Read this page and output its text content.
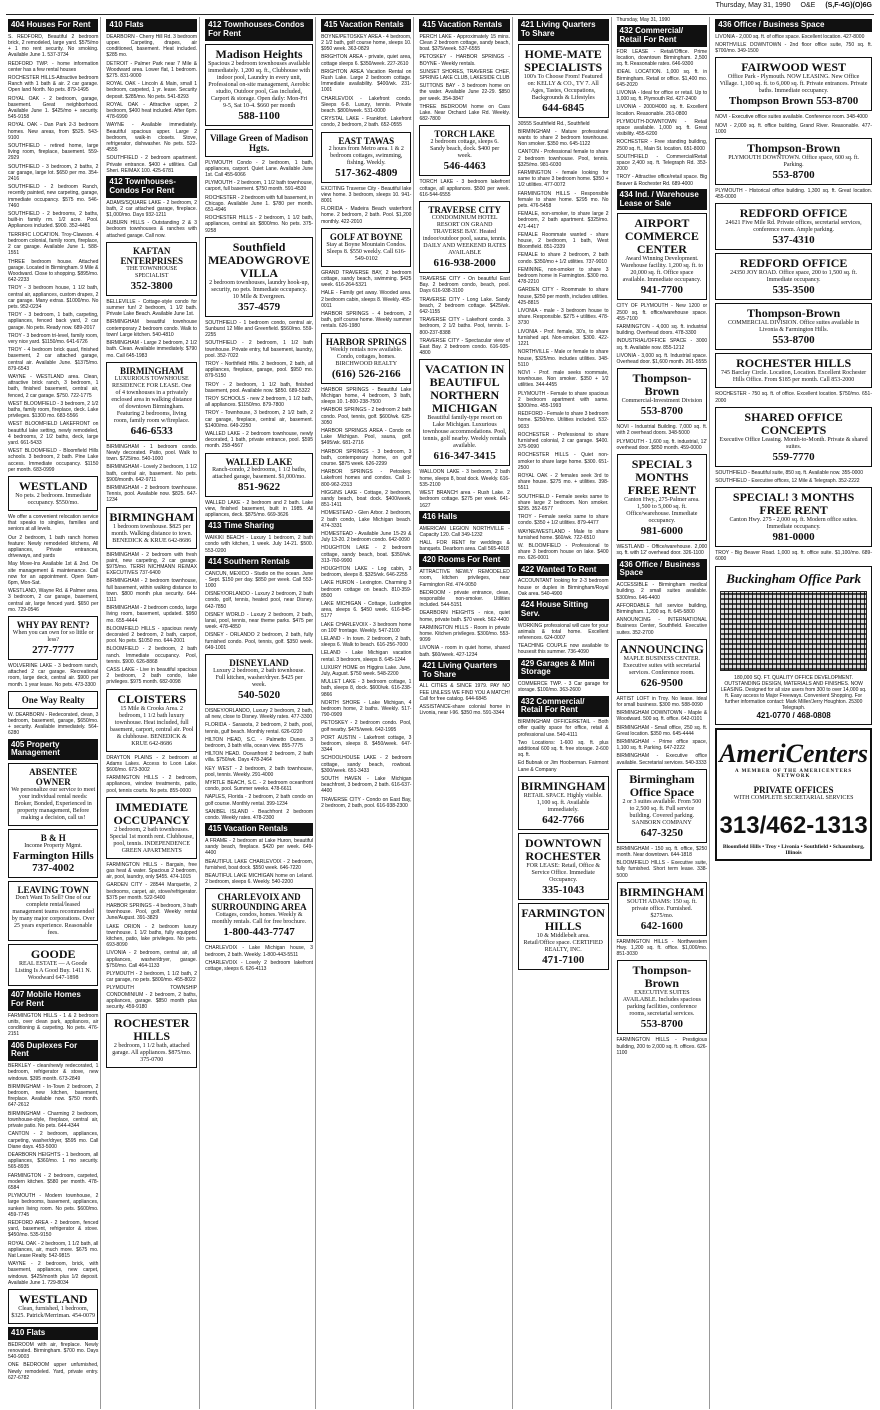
Thursday, May 31, 1990 O&E (S,F-4G)(O)6G
404 Houses For Rent

S. REDFORD, Beautiful 2 bedroom brick, 2 remodeled, large yard. $575/mo + 1 mo rent security. No smoking. Available June 1. 537-3734

REDFORD TWP. - home information center has a few rental houses

ROCHESTER HILLS-Attractive bedroom Ranch with 1 bath & air. 2 car garage. Open land North. No pets. 879-1495

ROYAL OAK - 2 bedroom, garage, basement. Great neighborhood. Available June 1. $425/mo + security. 545-9158

ROYAL OAK - Dan Park 2-3 bedroom homes. New areas, from $525. 543-9100

SOUTHFIELD - retired home, large living room, fireplace, basement. 559-2929

SOUTHFIELD - 3 bedroom, 2 baths, 2 car garage, large lot. $650 per mo. 354-2416

SOUTHFIELD - 2 bedroom Ranch, recently painted, new carpeting, garage, immediate occupancy. $575 mo. 546-7460

SOUTHFIELD - 2 bedrooms, 2 baths, built-in family rm. 1/2 acre. Pool. Appliances included. $900. 352-4481

TERRIFIC LOCATION. Troy-Clawson. 4 bedroom colonial, family room, fireplace, 2 car garage. Available June 1. 588-1551

THREE bedroom house. Attached garage. Located in Birmingham. 9 Mile & Woodward. Close to shopping. $895/mo. 642-2233

TROY - 3 bedroom house, 1 1/2 bath, central air, appliances, custom drapes, 2 car garage. Many extras. $1000/mo. No pets. 952-0234

TROY - 3 bedroom, 1 bath, carpeting, appliances, fenced back yard, 2 car garage. No pets. Ready now. 689-2017

TROY - 3 bedroom tri-level, family room, very nice yard. $1150/mo. 641-6726

TROY - 4 bedroom brick quad, finished basement, 2 car attached garage, central air. Available June. $1375/mo. 879-6543

WAYNE - WESTLAND area. Clean, attractive brick ranch, 3 bedroom, 1 bath, finished basement, central air, fenced, 2 car garage. $750. 722-1775

WEST BLOOMFIELD - 3 bedroom, 2 1/2 baths, family room, fireplace, deck. Lake privileges. $1300 mo. 683-5566

WEST BLOOMFIELD LAKEFRONT on beautiful lake setting, newly remodeled, 4 bedrooms, 2 1/2 baths, deck, large yard. 661-5433

WEST BLOOMFIELD - Bloomfield Hills schools. 3 bedroom, 2 bath. Pine Lake access. Immediate occupancy. $1150 per month. 683-0999

WESTLAND
No pets. 2 bedroom. Immediate occupancy. $550/mo.

We offer a convenient relocation service that speaks to singles, families and seniors at all levels.

Our 2 bedroom, 1 bath ranch homes feature: Newly remodeled kitchens, All appliances, Private entrances, driveways, and yards

May Move-Ins Available 1st & 2nd. On site management & maintenance. Call now for an appointment. Open 9am-6pm, Mon-Sat.

WESTLAND, Wayne Rd. & Palmer area. 3 bedroom, 2 car garage, basement, central air, large fenced yard. $650 per mo. 729-0546

WHY PAY RENT?
When you can own for so little or less?
277-7777

WOLVERINE LAKE - 3 bedroom ranch, attached 2 car garage. Recreational room, large deck, central air. $900 per month. 1 year lease. No pets. 473-3300

One Way Realty

W. DEARBORN - Redecorated, clean, 3 bedroom, basement, garage, $650/mo. + security. Available immediately. 564-6280

405 Property Management
ABSENTEE OWNER
We personalize our service to meet your individual rental needs: Broker, Bonded, Experienced in property management, Before making a decision, call us!
B & H
Income Property Mgmt.
Farmington Hills 737-4002
LEAVING TOWN
Don't Want To Sell? One of our complete rental/leased management teams recommended by many major corporations. Over 25 years experience. Reasonable fees.
GOODE
REAL ESTATE — A Goode Listing Is A Good Buy. 1411 N. Woodward 647-1898
407 Mobile Homes For Rent

FARMINGTON HILLS - 1 & 2 bedroom units, over clean park, appliances, air conditioning & carpeting. No pets. 476-2151

406 Duplexes For Rent

BERKLEY - clean/newly redecorated, 1 bedroom, refrigerator & stove, new windows. $395 month. 673-2849

BIRMINGHAM - In-Town 2 bedroom, 2 bedroom, new kitchen, basement, fireplace. Available now. $750 month. 647-2612

BIRMINGHAM - Charming 2 bedroom, townhouse-style, fireplace, central air, private patio. No pets. 644-4344

CANTON - 2 bedroom, appliances, carpeting, washer/dryer, $595 mo. Call Diane days. 453-5000

DEARBORN HEIGHTS - 1 bedroom, all appliances, $360/mo. 1 mo security. 565-8935

FARMINGTON - 2 bedroom, carpeted, modern kitchen. $580 per month. 478-6584

PLYMOUTH - Modern townhouse, 2 large bedrooms, basement, appliances, sunken living room. No pets. $600/mo. 459-7745

REDFORD AREA - 2 bedroom, fenced yard, basement, refrigerator & stove. $450/mo. 535-9150

ROYAL OAK - 2 bedroom, 1 1/2 bath, all appliances, air, much more. $675 mo. Nat Lease Realty. 542-9815

WAYNE - 2 bedroom, brick, with basement, appliances, new carpet, windows. $425/month plus 1/2 deposit. Available June 1. 729-8034

WESTLAND
Clean, furnished, 1 bedroom, $325. Patrick/Merriman. 454-0079
410 Flats

BEDROOM with air, fireplace. Newly renovated. Birmingham. $700 mo. Days 540-9003

ONE BEDROOM upper unfurnished, Newly remodeled. Yard, private entry. 627-6782

410 Flats

DEARBORN - Cherry Hill Rd. 3 bedroom upper. Carpeting, drapes, air conditioned, basement. Heat included. $285 mo.

DETROIT - Palmer Park near 7 Mile & Woodward area. Lower flat, 1 bedroom. $275. 831-9000

ROYAL OAK - Lincoln & Main, small 1 bedroom, carpeted, 1 yr. lease. Security deposit. $285/mo. No pets. 541-8293

ROYAL OAK - Attractive upper, 2 bedroom, $400 heat included. After 6pm. 478-6990

WAYNE - Available immediately. Beautiful spacious upper. Large 2 bedroom, walk-in closets. Stove, refrigerator, dishwasher. No pets. 522-4555

SOUTHFIELD - 2 bedroom apartment. Private entrance. $400 + utilities. Call Sheri. RE/MAX 100. 425-6781

412 Townhouses-Condos For Rent

ADAMS/SQUARE LAKE - 2 bedroom, 2 bath, 2 car attached garage, fireplace. $1,000/mo. Days 932-1211

AUBURN HILLS - Outstanding 2 & 3 bedroom townhouses & ranches with attached garage. Call now.

KAFTAN ENTERPRISES
THE TOWNHOUSE SPECIALIST
352-3800

BELLEVILLE - Cottage-style condo for summer fun! 2 bedroom, 1 1/2 bath. Private Lake Beach. Available June 1st.

BIRMINGHAM beautiful townhouse contemporary 2 bedroom condo. Walk to town! Large kitchen. 540-4810

BIRMINGHAM - Large 2 bedroom, 2 1/2 bath. Clean. Available immediately. $790 mo. Call 645-1983

BIRMINGHAM
LUXURIOUS TOWNHOUSE RESIDENCE FOR LEASE. One of 4 townhouses in a privately enclosed area in walking distance of downtown Birmingham. Featuring 2 bedrooms, living room, family room w/fireplace.
646-6533

BIRMINGHAM - 1 bedroom condo. Newly decorated. Patio, pool. Walk to town. $725/mo. 540-1000

BIRMINGHAM - Lovely 2 bedroom, 1 1/2 bath, central air, basement. No pets. $900/month. 642-9711

BIRMINGHAM - 2 bedroom townhouse. Tennis, pool. Available now. $825. 647-1234

BIRMINGHAM
1 bedroom townhouse. $825 per month. Walking distance to town. BENEDICK & KRUE 642-8686

BIRMINGHAM - 2 bedroom with fresh paint, new carpeting, 2 car garage. $975/mo. TERRI NICHMANN RE/MAX EXECUTIVES 737-6400

BIRMINGHAM - 2 bedroom townhouse, full basement, within walking distance to town. $800 month plus security. 644-1111

BIRMINGHAM - 2 bedroom condo, large living room, basement, updated. $950 mo. 655-4444

BLOOMFIELD HILLS - spacious newly decorated 2 bedroom, 2 bath, carport, pool. No pets. $1050 mo. 644-2001

BLOOMFIELD - 2 bedroom, 2 bath ranch. Immediate occupancy. Pool, tennis. $900. 626-8868

CASS LAKE - Live in beautiful spacious 2 bedroom, 2 bath condo, lake privileges. $975 month. 682-0098

CLOISTERS
15 Mile & Crooks Area. 2 bedroom, 1 1/2 bath luxury townhouse. Heat included, full basement, carport, central air. Pool & clubhouse. BENEDICK & KRUE 642-8686

DRAYTON PLAINS - 2 bedroom at Adams Lakes. Access to Loon Lake. $600/mo. 673-3002

FARMINGTON HILLS - 2 bedroom, appliances, window treatments, patio, pool, tennis courts. No pets. 855-0000

IMMEDIATE OCCUPANCY
2 bedroom, 2 bath townhouses. Special 1st month rent. Clubhouse, pool, tennis. INDEPENDENCE GREEN APARTMENTS

FARMINGTON HILLS - Bargain, free gas heat & water. Spacious 2 bedroom, air, pool, laundry, only $455. 474-1015

GARDEN CITY - 28544 Marquette, 2 bedrooms, carpet, air, stove/refrigerator. $375 per month. 522-5400

HARBOR SPRINGS - 4 bedroom, 3 bath townhouse. Pool, golf. Weekly rental June/August. 391-3829

LAKE ORION - 2 bedroom luxury townhouse. 1 1/2 baths, fully equipped kitchen, patio, lake privileges. No pets. 693-8090

LIVONIA - 2 bedroom, central air, all appliances, washer/dryer, garage. $750/mo. Call 464-1133

PLYMOUTH - 2 bedroom, 1 1/2 bath, 2 car garage, no pets. $800/mo. 455-8022

PLYMOUTH TOWNSHIP CONDOMINIUM - 2 bedroom, 2 baths, appliances, garage. $850 month plus security. 459-9180

ROCHESTER HILLS
2 bedroom, 1 1/2 bath, attached garage. All appliances. $875/mo. 375-0700
412 Townhouses-Condos For Rent
Madison Heights
Spacious 2 bedroom townhouses available immediately. 1,200 sq. ft., Clubhouse with indoor pool, Laundry in every unit, Professional on-site management, Aerobic studio, Outdoor pool, Gas included, Carport & storage. Open daily: Mon-Fri 9-5, Sat 10-4. $660 per month
588-1100
Village Green of Madison Hgts.

PLYMOUTH Condo - 2 bedroom, 1 bath, appliances, carport. Quiet Lane. Available June 1st. Call 455-6066

PLYMOUTH - 2 bedroom, 1 1/2 bath townhouse, carport, full basement. $750 month. 591-4530

ROCHESTER - 2 bedroom with full basement, in Chicago. Available June 1. $780 per month. 651-4946

ROCHESTER HILLS - 2 bedroom, 1 1/2 bath, appliances, central air. $800/mo. No pets. 375-9258

Southfield MEADOWGROVE VILLA
2 bedroom townhouses, laundry hook-up, security, no pets. Immediate occupancy. 10 Mile & Evergreen.
357-4579

SOUTHFIELD - 1 bedroom condo, central air, Sunburst 12 Mile and Greenfield. $560/mo. 559-2255

SOUTHFIELD - 2 bedroom, 1 1/2 bath townhouse. Private entry, full basement, laundry, pool. 352-7022

TROY - Northfield Hills. 2 bedroom, 2 bath, all appliances, fireplace, garage, pool. $950 mo. 879-5150

TROY - 2 bedroom, 1 1/2 bath, finished basement, pool. Available now. $850. 689-5322

TROY SCHOOLS - new 2 bedroom, 1 1/2 bath, all appliances. $1150/mo. 879-7800

TROY - Townhouse, 3 bedroom, 2 1/2 bath, 2 car garage, fireplace, central air, basement. $1400/mo. 649-2250

WALLED LAKE - 2 bedroom townhouse, newly decorated, 1 bath, private entrance, pool. $595 month. 258-4567

WALLED LAKE
Ranch-condo, 2 bedrooms, 1 1/2 baths, attached garage, basement. $1,000/mo.
851-9622

WALLED LAKE - 2 bedroom and 2 bath. Lake view, finished basement, built in 1985. All appliances, deck. $875/mo. 669-3626

413 Time Sharing

WAIKIKI BEACH - Luxury 1 bedroom, 2 bath condo with kitchen, 1 week. July 14-21. $500. 553-0200

414 Southern Rentals

CANCUN, MEXICO - Studio on the ocean. June - Sept. $150 per day. $850 per week. Call 553-1000

DISNEY/ORLANDO - Luxury 2 bedroom, 2 bath condo, golf, tennis, heated pool, near Disney. 642-7850

DISNEY WORLD - Luxury 2 bedroom, 2 bath, lanai, pool, tennis, near theme parks. $475 per week. 478-4850

DISNEY - ORLANDO 2 bedroom, 2 bath, fully furnished condo. Pool, tennis, golf. $350 week. 649-1001

DISNEYLAND
Luxury 2 bedroom, 2 bath townhouse. Full kitchen, washer/dryer. $425 per week.
540-5020

DISNEY/ORLANDO, Luxury 2 bedroom, 2 bath, all new, close to Disney. Weekly rates. 477-3300

FLORIDA - Sarasota, 2 bedroom, 2 bath, pool, tennis, gulf beach. Monthly rental. 626-0220

HILTON HEAD, S.C. - Palmetto Dunes. 3 bedroom, 3 bath villa, ocean view. 855-7775

HILTON HEAD. Oceanfront 2 bedroom, 2 bath villa. $750/wk. Days 478-2464

KEY WEST - 2 bedroom, 2 bath townhouse, pool, tennis. Weekly. 291-4000

MYRTLE BEACH, S.C. - 2 bedroom oceanfront condo, pool. Summer weeks. 478-6611

NAPLES, Florida - 2 bedroom, 2 bath condo on golf course. Monthly rental. 399-1234

SANIBEL ISLAND - Beachfront 2 bedroom condo. Weekly rates. 478-2300

415 Vacation Rentals

A FRAME - 2 bedroom at Lake Huron, beautiful sandy beach, fireplace. $420 per week. 649-4400

BEAUTIFUL LAKE CHARLEVOIX - 2 bedroom, furnished, boat dock. $550 week. 646-7220

BEAUTIFUL LAKE MICHIGAN home on Leland. 2 bedroom, sleeps 6. Weekly. 540-2200

CHARLEVOIX AND SURROUNDING AREA
Cottages, condos, homes. Weekly & monthly rentals. Call for free brochure.
1-800-443-7747

CHARLEVOIX - Lake Michigan house, 3 bedroom, 2 bath. Weekly. 1-800-443-5511

CHARLEVOIX - Lovely 2 bedroom lakefront cottage, sleeps 6. 626-4113

415 Vacation Rentals

BOYNE/PETOSKEY AREA - 4 bedroom, 2 1/2 bath, golf course home, sleeps 10. $950 week. 363-0829

BRIGHTON AREA - private, quiet area, cottage sleeps 6. $350/week. 227-2610

BRIGHTON AREA Vacation Rental on Rush Lake. Large 2 bedroom cottage. Immediate availability. $400/wk. 231-1001

CHARLEVOIX - Lakefront condo. Sleeps 6-8. Luxury, tennis. Private beach. $800/week. 531-0000

CRYSTAL LAKE - Frankfort. Lakefront condo, 2 bedroom, 2 bath. 652-0555

EAST TAWAS
2 hours from Metro area. 1 & 2 bedroom cottages, swimming, fishing. Weekly.
517-362-4809

EXCITING Traverse City - Beautiful lake view home. 3 bedroom, sleeps 10. 941-8001

FLORIDA - Madeira Beach waterfront home. 2 bedroom, 2 bath. Pool. $1,200 monthly. 422-2010

GOLF AT BOYNE
Stay at Boyne Mountain Condos. Sleeps 8. $550 weekly. Call 616-549-0102

GRAND TRAVERSE BAY, 2 bedroom cottage, sandy beach, swimming. $425 week. 616-264-5321

HALE - Family get away. Wooded area. 2 bedroom cabin, sleeps 8. Weekly. 455-0011

HARBOR SPRINGS - 4 bedroom, 2 bath, golf course home. Weekly summer rentals. 626-1980

HARBOR SPRINGS
Weekly rentals now available. Condo, cottages, homes. BIRCHWOOD REALTY
(616) 526-2166

HARBOR SPRINGS - Beautiful Lake Michigan home, 4 bedroom, 3 bath, sleeps 10. 1-800-238-7500

HARBOR SPRINGS - 2 bedroom 2 bath condo. Pool, tennis, golf. $600/wk. 625-3050

HARBOR SPRINGS AREA - Condo on Lake Michigan. Pool, sauna, golf. $495/wk. 681-2716

HARBOR SPRINGS - 3 bedroom, 3 bath, contemporary home, on golf course. $875 week. 626-2299

HARBOR SPRINGS - Petoskey. Lakefront homes and condos. Call 1-800-962-2313

HIGGINS LAKE - Cottage, 2 bedroom, sandy beach, boat dock. $400/week. 851-1411

HOMESTEAD - Glen Arbor. 2 bedroom, 2 bath condo, Lake Michigan beach. 474-3331

HOMESTEAD - Available June 15-29 & July 13-20. 2 bedroom condo. 642-0090

HOUGHTON LAKE - 2 bedroom cottage, sandy beach, boat. $350/wk. 313-760-9900

HOUGHTON LAKE - Log cabin, 3 bedroom, sleeps 8. $325/wk. 646-2255

LAKE HURON - Lexington. Charming 3 bedroom cottage on beach. 810-359-8500

LAKE MICHIGAN - Cottage, Ludington area, sleeps 6. $450 week. 616-845-5177

LAKE CHARLEVOIX - 3 bedroom home on 100' frontage. Weekly. 547-2100

LELAND - In town. 2 bedroom, 2 bath, sleeps 6. Walk to beach. 616-256-7000

LELAND - Lake Michigan vacation rental. 3 bedroom, sleeps 8. 645-1244

LUXURY HOME on Higgins Lake. June, July, August. $750 week. 548-2200

MULLET LAKE - 3 bedroom cottage, 1 bath, sleeps 8, dock. $600/wk. 616-238-9866

NORTH SHORE - Lake Michigan, 4 bedroom home, 2 baths. Weekly. 517-790-0909

PETOSKEY - 2 bedroom condo. Pool, golf nearby. $475/week. 642-1995

PORT AUSTIN - Lakefront cottage, 3 bedroom, sleeps 8. $450/week. 647-3344

SCHOOLHOUSE LAKE - 2 bedroom cottage, sandy beach, rowboat. $300/week. 651-3433

SOUTH HAVEN - Lake Michigan beachfront, 3 bedroom, 2 bath. 616-637-4400

TRAVERSE CITY - Condo on East Bay, 2 bedroom, 2 bath, pool. 616-938-2300

415 Vacation Rentals

PERCH LAKE - Approximately 15 mins. Clean 2 bedroom cottage, sandy beach, boat. $375/week. 537-6555

PETOSKEY - HARBOR SPRINGS - BOYNE - Weekly rentals.

SUNSET SHORES, TRAVERSE CHEF, SPRING LAKE CLUB, LAKESIDE CLUB

SUTTONS BAY - 3 bedroom home on the water. Available June 22-29. $850 per week. 354-3847

THREE BEDROOM home on Cass Lake. Near Orchard Lake Rd. Weekly. 682-7800

TORCH LAKE
2 bedroom cottage, sleeps 6. Sandy beach, dock. $400 per week.
546-4463

TORCH LAKE - 3 bedroom lakefront cottage, all appliances. $500 per week. 616-544-6555

TRAVERSE CITY
CONDOMINIUM HOTEL RESORT ON GRAND TRAVERSE BAY. Heated indoor/outdoor pool, sauna, tennis. DAILY AND WEEKEND RATES AVAILABLE
616-938-2000

TRAVERSE CITY - On beautiful East Bay. 2 bedroom condo, beach, pool. Days 616-938-3100

TRAVERSE CITY - Long Lake. Sandy beach, 2 bedroom cottage. $425/wk. 642-1155

TRAVERSE CITY - Lakefront condo. 3 bedroom, 2 1/2 baths. Pool, tennis. 1-800-237-8388

TRAVERSE CITY - Spectacular view of East Bay. 2 bedroom condo. 616-935-4800

VACATION IN BEAUTIFUL NORTHERN MICHIGAN
Beautiful family-type resort on Lake Michigan. Luxurious townhouse accommodations. Pool, tennis, golf nearby. Weekly rentals available.
616-347-3415

WALLOON LAKE - 3 bedroom, 2 bath home, sleeps 8, boat dock. Weekly. 616-535-2100

WEST BRANCH area - Rush Lake. 2 bedroom cottage. $275 per week. 641-1627

416 Halls

AMERICAN LEGION NORTHVILLE - Capacity 120. Call 349-1232

HALL FOR RENT for weddings & banquets. Dearborn area. Call 565-4018

420 Rooms For Rent

ATTRACTIVE NEWLY REMODELED room, kitchen privileges, near Farmington Rd. 474-9050

BEDROOM - private entrance, clean, responsible non-smoker. Utilities included. 544-5151

DEARBORN HEIGHTS - nice, quiet home, private bath. $70 week. 562-4400

FARMINGTON HILLS - Room in private home. Kitchen privileges. $300/mo. 553-9099

LIVONIA - room in quiet home, shared bath. $60/week. 427-1234

421 Living Quarters To Share

ALL CITIES & SINCE 1979. PAY NO FEE UNLESS WE FIND YOU A MATCH! Call for free catalog. 644-6845

ASSISTANCE-share colonial home in Livonia, near I-96. $350 mo. 591-3344

421 Living Quarters To Share
HOME-MATE SPECIALISTS
100's To Choose From! Featured on: KELLY & CO., TV 7. All Ages, Tastes, Occupations, Backgrounds & Lifestyles
644-6845

30555 Southfield Rd., Southfield

BIRMINGHAM - Mature professional wants to share 2 bedroom townhouse. Non smoker. $350 mo. 645-1122

CANTON - Professional female to share 2 bedroom townhouse. Pool, tennis. $325/mo. 981-6030

FARMINGTON - female looking for same to share 3 bedroom home. $350 + 1/2 utilities. 477-0072

FARMINGTON HILLS - Responsible female to share home. $295 mo. No pets. 476-5458

FEMALE, non-smoker, to share large 2 bedroom, 2 bath apartment. $325/mo. 471-4417

FEMALE Roommate wanted - share house, 2 bedroom, 1 bath, West Bloomfield. 851-2339

FEMALE to share 2 bedroom, 2 bath condo. $350/mo + 1/2 utilities. 737-9010

FEMININE, non-smoker to share 3 bedroom home in Farmington. $300 mo. 478-2210

GARDEN CITY - Roommate to share house, $250 per month, includes utilities. 425-8815

LIVONIA - male - 3 bedroom house to share. Responsible. $275 + utilities. 478-3730

LIVONIA - Prof. female, 30's, to share furnished apt. Non-smoker. $300. 422-1221

NORTHVILLE - Male or female to share house, $325/mo. includes utilities. 348-5110

NOVI - Prof. male seeks roommate, townhouse. Non smoker. $350 + 1/2 utilities. 344-4455

PLYMOUTH - Female to share spacious 2 bedroom apartment with same. $300/mo. 455-1993

REDFORD - Female to share 3 bedroom home. $250/mo. Utilities included. 532-9033

ROCHESTER - Professional to share furnished colonial, 2 car garage. $400. 375-9090

ROCHESTER HILLS - Quiet non-smoker to share large home. $300. 651-2500

ROYAL OAK - 2 females seek 3rd to share house. $275 mo. + utilities. 398-5511

SOUTHFIELD - Female seeks same to share large 2 bedroom. Non smoker. $295. 352-6577

TROY - Female seeks same to share condo. $350 + 1/2 utilities. 879-4477

WAYNE/WESTLAND - Male to share furnished home. $60/wk. 722-6510

W. BLOOMFIELD - Professional to share 3 bedroom house on lake. $400 mo. 626-0001

422 Wanted To Rent

ACCOUNTANT looking for 2-3 bedroom house or duplex in Birmingham/Royal Oak area. 540-4900

424 House Sitting Serv.

WORKING professional will care for your animals & total home. Excellent references. 624-0007

TEACHING COUPLE now available to housesit this summer. 736-4090

429 Garages & Mini Storage

COMMERCE TWP. - 3 Car garage for storage. $100/mo. 363-2600

432 Commercial/ Retail For Rent

BIRMINGHAM OFFICE/RETAIL - Both offer quality space for office, retail & professional use. 540-4111

Two Locations: 1-600 sq. ft. plus additional 600 sq. ft. free storage. 2-600 sq. ft.

Ed Bubnak or Jim Hooberman. Fairmont Lane & Company

BIRMINGHAM
RETAIL SPACE. Highly visible. 1,100 sq. ft. Available immediately.
642-7766
DOWNTOWN ROCHESTER
FOR LEASE: Retail, Office & Service Office. Immediate Occupancy.
335-1043
FARMINGTON HILLS
10 & Middlebelt area. Retail/Office space. CERTIFIED REALTY, INC.
471-7100

Thursday, May 31, 1990

432 Commercial/ Retail For Rent

FOR LEASE - Retail/Office. Prime location, downtown Birmingham. 2,500 sq. ft. Reasonable rates. 646-9300

IDEAL LOCATION. 1,000 sq. ft. in Birmingham. Retail or office. $1,400 mo. 645-2020

LIVONIA - Ideal for office or retail. Up to 3,000 sq. ft. Plymouth Rd. 427-2400

LIVONIA - 2000/4000 sq. ft. Excellent location. Reasonable. 261-0800

PLYMOUTH-DOWNTOWN - Retail space available. 1,000 sq. ft. Great visibility. 455-6200

ROCHESTER - Free standing building, 2500 sq. ft., Main St. location. 651-8000

SOUTHFIELD - Commercial/Retail space 2,400 sq. ft. Telegraph Rd. 353-2000

TROY - Attractive office/retail space. Big Beaver & Rochester Rd. 689-4000

434 Ind. / Warehouse Lease or Sale
AIRPORT COMMERCE CENTER
Award Winning Development. Warehouse facility. 1,200 sq. ft. to 20,000 sq. ft. Office space available. Immediate occupancy.
941-7700

CITY OF PLYMOUTH - New 1200 or 2500 sq. ft. office/warehouse space. 455-7100

FARMINGTON - 4,000 sq. ft. industrial building. Overhead doors. 478-3300

INDUSTRIAL/OFFICE SPACE - 3000 sq. ft. Available now. 855-1212

LIVONIA - 3,000 sq. ft. Industrial space. Overhead door. $1,600 month. 261-5555

Thompson-Brown
Commercial-Investment Division
553-8700

NOVI - Industrial Building. 7,000 sq. ft. with 2 overhead doors. 348-5000

PLYMOUTH - 1,600 sq. ft. industrial, 12' overhead door. $850 month. 459-0000

SPECIAL 3 MONTHS FREE RENT
Canton Hwy., 275-Palmer area. 1,500 to 5,000 sq. ft. Office/warehouse. Immediate occupancy.
981-6000

WESTLAND - Office/warehouse. 2,000 sq. ft. with 12' overhead door. 326-1100

436 Office / Business Space

ACCESSIBLE - Birmingham medical building. 2 small suites available. $300/mo. 646-4400

AFFORDABLE full service building, Birmingham. 1,200 sq. ft. 645-5800

ANNOUNCING - INTERNATIONAL Business Center, Southfield. Executive suites. 352-2700

ANNOUNCING
MAPLE BUSINESS CENTER. Executive suites with secretarial services. Conference room.
626-9500

ARTIST LOFT in Troy. No lease. Ideal for small business. $300 mo. 588-0090

BIRMINGHAM DOWNTOWN - Maple & Woodward. 500 sq. ft. office. 642-0101

BIRMINGHAM - Small office, 250 sq. ft. Great location. $350 mo. 645-4444

BIRMINGHAM - Prime office space, 1,100 sq. ft. Parking. 647-2222

BIRMINGHAM - Executive office available. Secretarial services. 540-3333

Birmingham Office Space
2 or 3 suites available. From 500 to 2,500 sq. ft. Full service building. Covered parking. SANBORN COMPANY
647-3250

BIRMINGHAM - 150 sq. ft. office, $250 month. Near downtown. 644-1818

BLOOMFIELD HILLS - Executive suite, fully furnished. Short term lease. 338-5000

BIRMINGHAM
SOUTH ADAMS: 150 sq. ft. private office. Furnished. $275/mo.
642-1600

FARMINGTON HILLS - Northwestern Hwy. 1,200 sq. ft. office. $1,000/mo. 851-3030

Thompson-Brown
EXECUTIVE SUITES AVAILABLE. Includes spacious parking facilities, conference rooms, secretarial services.
553-8700

FARMINGTON HILLS - Prestigious building, 200 to 2,000 sq. ft. offices. 626-1100

436 Office / Business Space

LIVONIA - 2,000 sq. ft. of office space. Excellent location. 427-8000

NORTHVILLE DOWNTOWN - 2nd floor office suite, 750 sq. ft. $700/mo. 349-1500

FAIRWOOD WEST
Office Park - Plymouth. NOW LEASING. New Office Village. 1,100 sq. ft. to 6,000 sq. ft. Private entrances. Private baths. Immediate occupancy.
Thompson Brown 553-8700

NOVI - Executive office suites available. Conference room. 348-4000

NOVI - 2,000 sq. ft. office building, Grand River. Reasonable. 477-1000

Thompson-Brown
PLYMOUTH DOWNTOWN. Office space, 600 sq. ft. Parking.
553-8700

PLYMOUTH - Historical office building. 1,300 sq. ft. Great location. 455-0000

REDFORD OFFICE
24621 Five Mile Rd. Private offices, secretarial services, conference room. Ample parking.
537-4310
REDFORD OFFICE
24350 JOY ROAD. Office space, 200 to 1,500 sq. ft. Immediate occupancy.
535-3500
Thompson-Brown
COMMERCIAL DIVISION. Office suites available in Livonia & Farmington Hills.
553-8700
ROCHESTER HILLS
745 Barclay Circle. Location, Location. Excellent Rochester Hills Office. From $185 per month. Call 853-2000

ROCHESTER - 750 sq. ft. of office. Excellent location. $750/mo. 651-2000

SHARED OFFICE CONCEPTS
Executive Office Leasing. Month-to-Month. Private & shared suites.
559-7770

SOUTHFIELD - Beautiful suite, 850 sq. ft. Available now. 355-0000

SOUTHFIELD - Executive offices, 12 Mile & Telegraph. 352-2222

SPECIAL! 3 MONTHS FREE RENT
Canton Hwy. 275 - 2,000 sq. ft. Modern office suites. Immediate occupancy.
981-0000

TROY - Big Beaver Road. 1,000 sq. ft. office suite. $1,100/mo. 689-6000

Buckingham Office Park
180,000 SQ. FT. QUALITY OFFICE DEVELOPMENT. OUTSTANDING DESIGN, MATERIALS AND FINISHES. NOW LEASING. Designed for all size users from 300 to over 14,000 sq. ft. Easy access to Major Freeways. Convenient Shopping. For further information contact: Mark Miller/Jerry Houghton. 25300 Telegraph.
421-0770 / 468-0808
AmeriCenters
A MEMBER OF THE AMERICENTERS NETWORK
PRIVATE OFFICES
WITH COMPLETE SECRETARIAL SERVICES
313/462-1313
Bloomfield Hills • Troy • Livonia • Southfield • Schaumburg, Illinois
